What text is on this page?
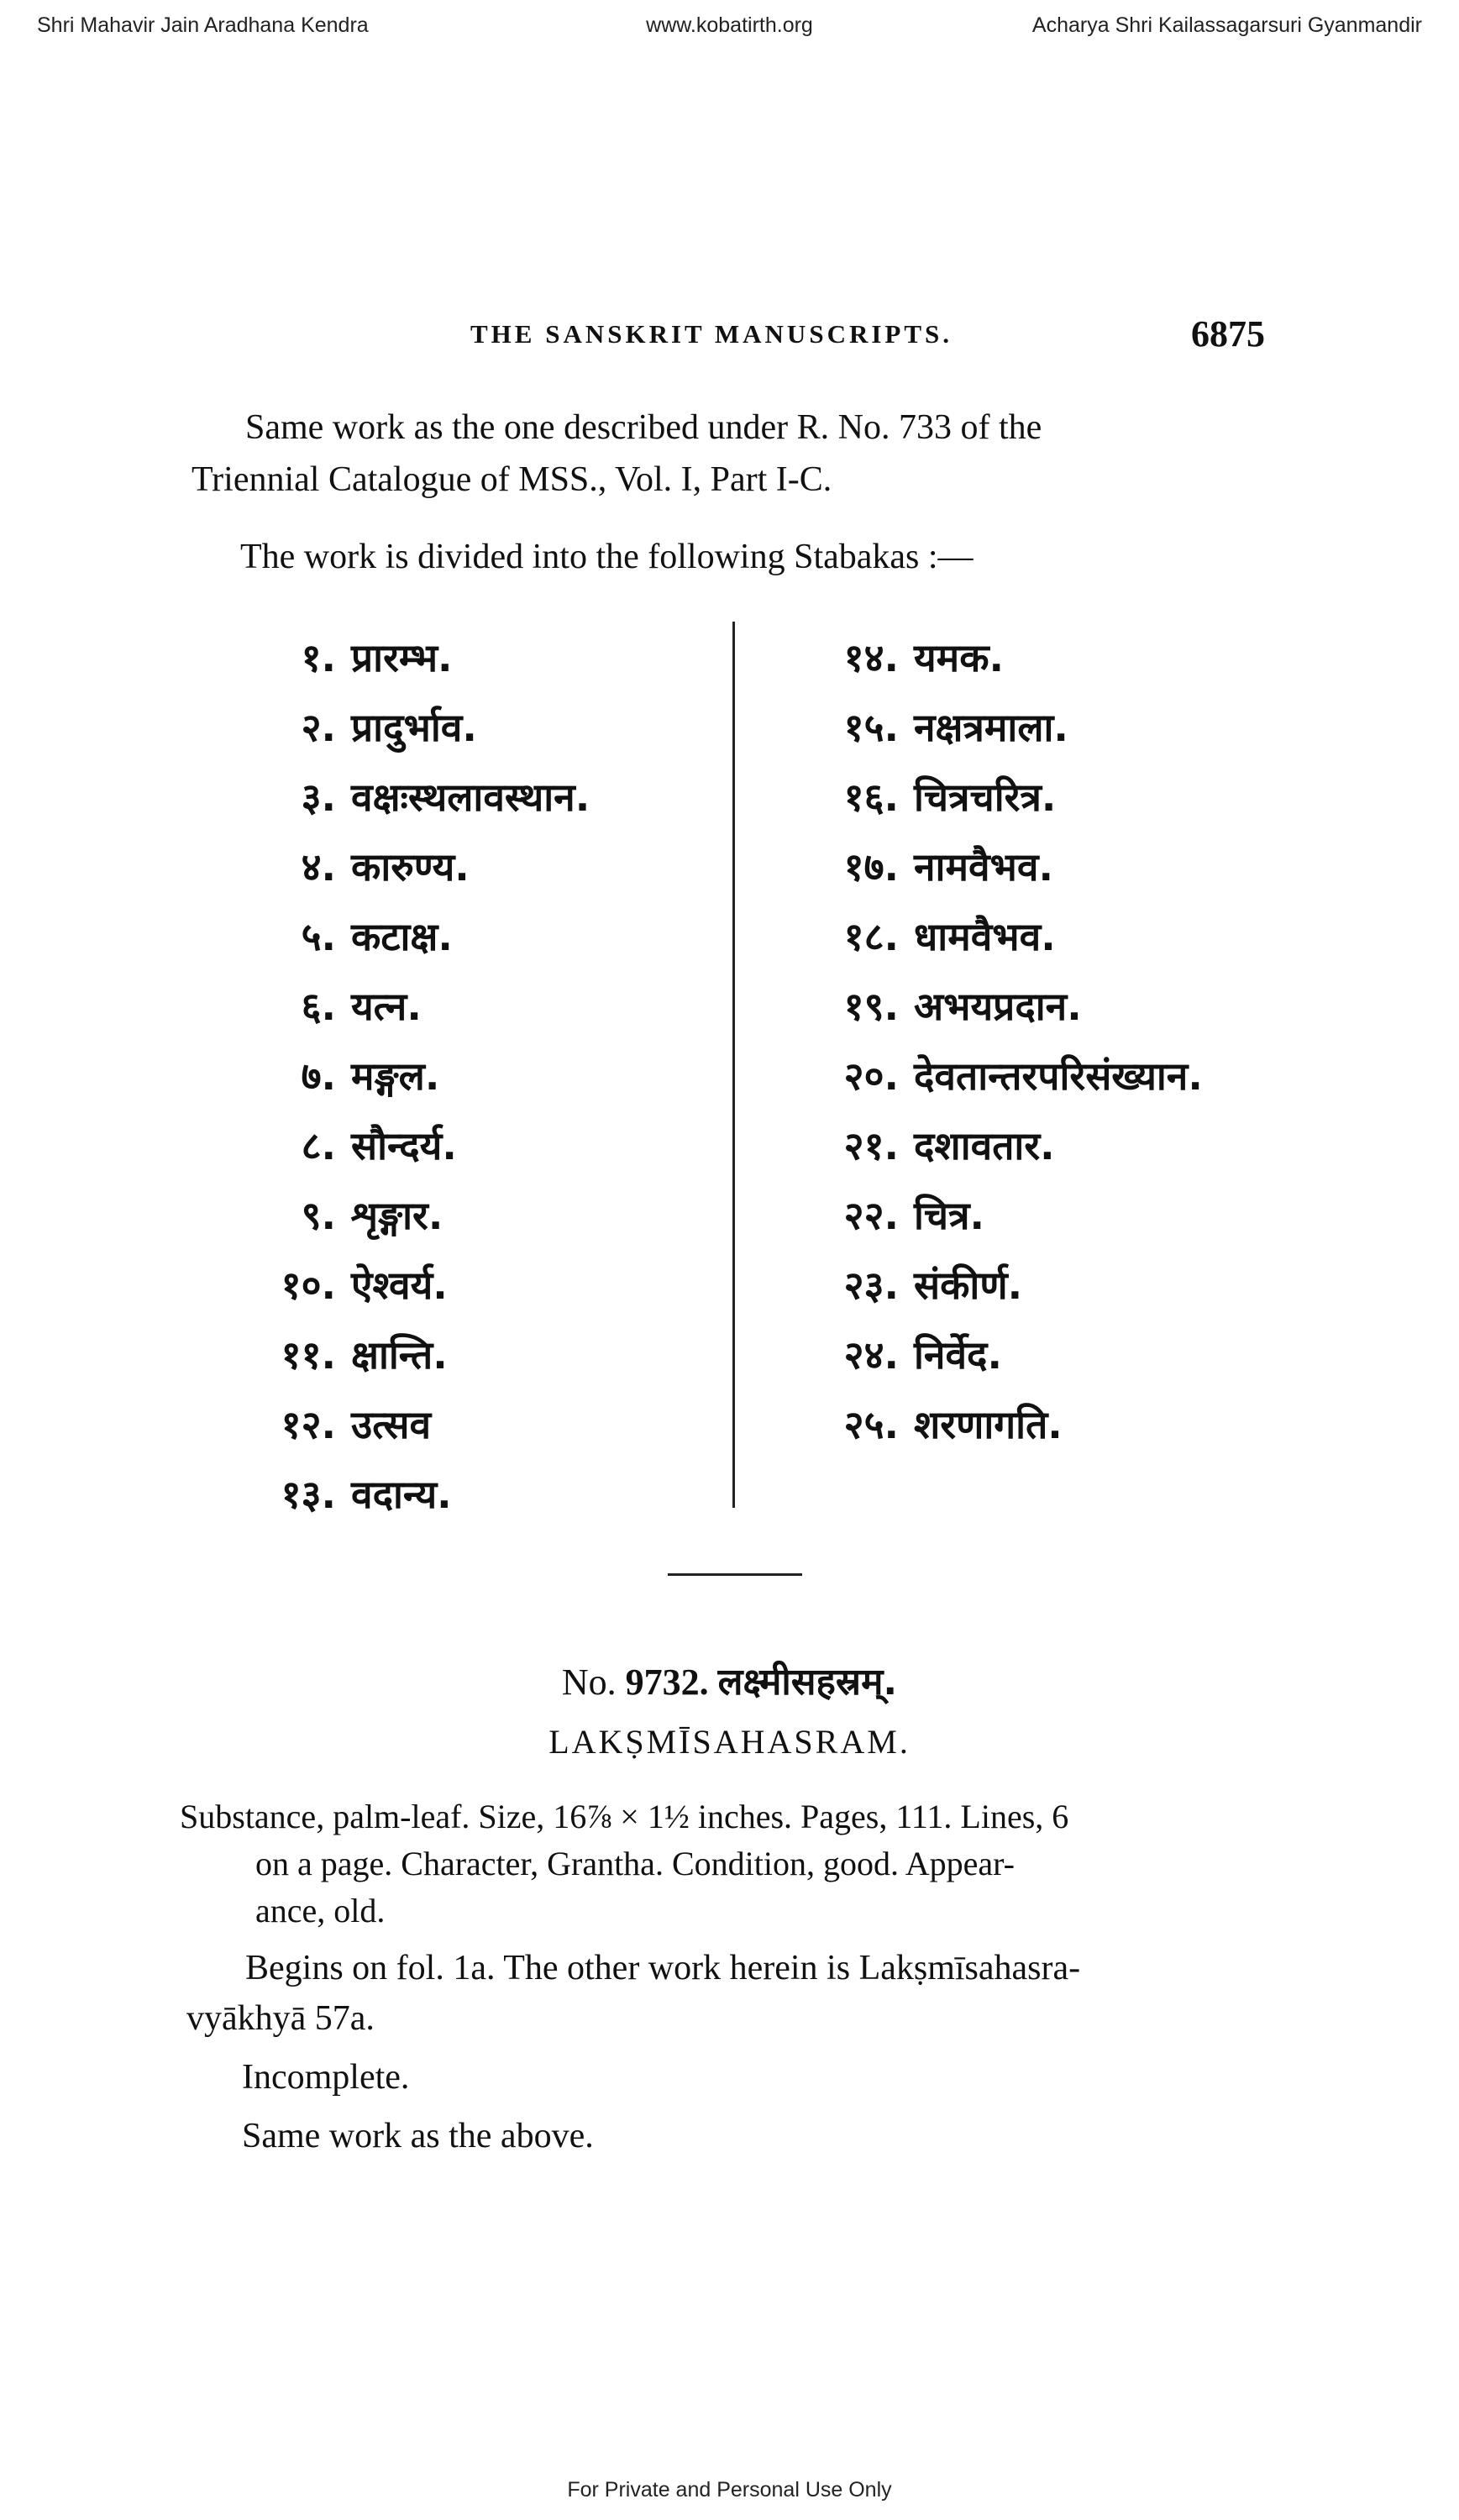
Shri Mahavir Jain Aradhana Kendra	www.kobatirth.org	Acharya Shri Kailassagarsuri Gyanmandir
THE SANSKRIT MANUSCRIPTS.	6875
Same work as the one described under R. No. 733 of the
Triennial Catalogue of MSS., Vol. I, Part I-C.
The work is divided into the following Stabakas :—
१. प्रारम्भ.
२. प्रादुर्भाव.
३. वक्षःस्थलावस्थान.
४. कारुण्य.
५. कटाक्ष.
६. यत्न.
७. मङ्गल.
८. सौन्दर्य.
९. शृङ्गार.
१०. ऐश्वर्य.
११. क्षान्ति.
१२. उत्सव
१३. वदान्य.
१४. यमक.
१५. नक्षत्रमाला.
१६. चित्रचरित्र.
१७. नामवैभव.
१८. धामवैभव.
१९. अभयप्रदान.
२०. देवतान्तरपरिसंख्यान.
२१. दशावतार.
२२. चित्र.
२३. संकीर्ण.
२४. निर्वेद.
२५. शरणागति.
No. 9732. लक्ष्मीसहस्रम्.
LAKṢMĪSAHASRAM.
Substance, palm-leaf. Size, 16⅞ × 1½ inches. Pages, 111. Lines, 6
on a page. Character, Grantha. Condition, good. Appear-
ance, old.
Begins on fol. 1a. The other work herein is Lakṣmīsahasra-
vyākhyā 57a.
Incomplete.
Same work as the above.
For Private and Personal Use Only
